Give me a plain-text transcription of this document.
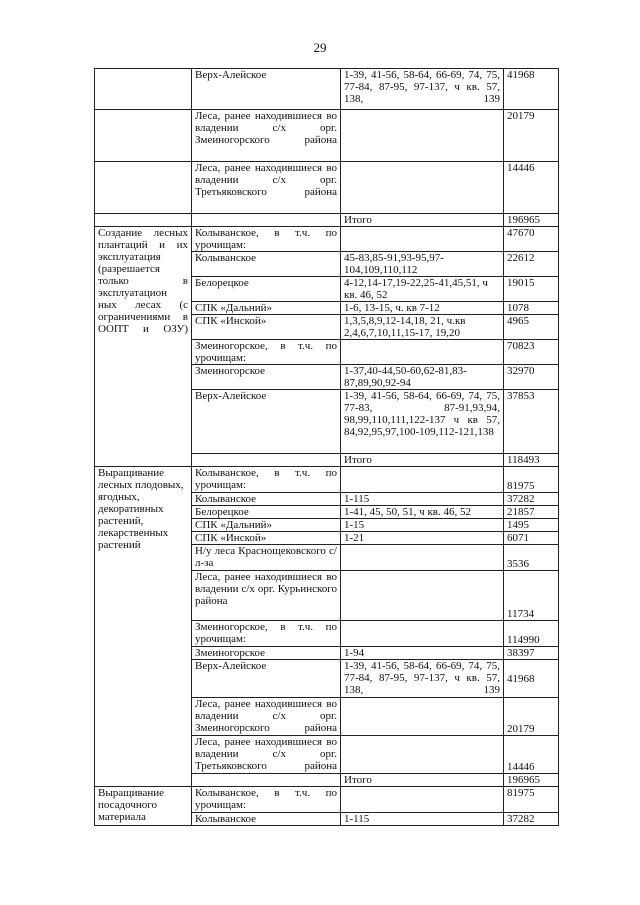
29
	Верх-Алейское	1-39, 41-56, 58-64, 66-69, 74, 75, 77-84, 87-95, 97-137, ч кв. 57, 138, 139	41968
	Леса, ранее находившиеся во владении с/х орг. Змеиногорского района		20179
	Леса, ранее находившиеся во владении с/х орг. Третьяковского района		14446
		Итого	196965
Создание лесных плантаций и их эксплуатация (разрешается только в эксплуатацион ных лесах (с ограничениями в ООПТ и ОЗУ)	Колыванское, в т.ч. по урочищам:		47670
	Колыванское	45-83,85-91,93-95,97-104,109,110,112	22612
	Белорецкое	4-12,14-17,19-22,25-41,45,51, ч кв. 46, 52	19015
	СПК «Дальний»	1-6, 13-15, ч. кв 7-12	1078
	СПК «Инской»	1,3,5,8,9,12-14,18, 21, ч.кв 2,4,6,7,10,11,15-17, 19,20	4965
	Змеиногорское, в т.ч. по урочищам:		70823
	Змеиногорское	1-37,40-44,50-60,62-81,83-87,89,90,92-94	32970
	Верх-Алейское	1-39, 41-56, 58-64, 66-69, 74, 75, 77-83, 87-91,93,94, 98,99,110,111,122-137 ч кв 57, 84,92,95,97,100-109,112-121,138	37853
		Итого	118493
Выращивание лесных плодовых, ягодных, декоративных растений, лекарственных растений	Колыванское, в т.ч. по урочищам:		81975
	Колыванское	1-115	37282
	Белорецкое	1-41, 45, 50, 51, ч кв. 46, 52	21857
	СПК «Дальний»	1-15	1495
	СПК «Инской»	1-21	6071
	Н/у леса Краснощековского с/л-за		3536
	Леса, ранее находившиеся во владении с/х орг. Курьинского района		11734
	Змеиногорское, в т.ч. по урочищам:		114990
	Змеиногорское	1-94	38397
	Верх-Алейское	1-39, 41-56, 58-64, 66-69, 74, 75, 77-84, 87-95, 97-137, ч кв. 57, 138, 139	41968
	Леса, ранее находившиеся во владении с/х орг. Змеиногорского района		20179
	Леса, ранее находившиеся во владении с/х орг. Третьяковского района		14446
		Итого	196965
Выращивание посадочного материала	Колыванское, в т.ч. по урочищам:		81975
	Колыванское	1-115	37282
